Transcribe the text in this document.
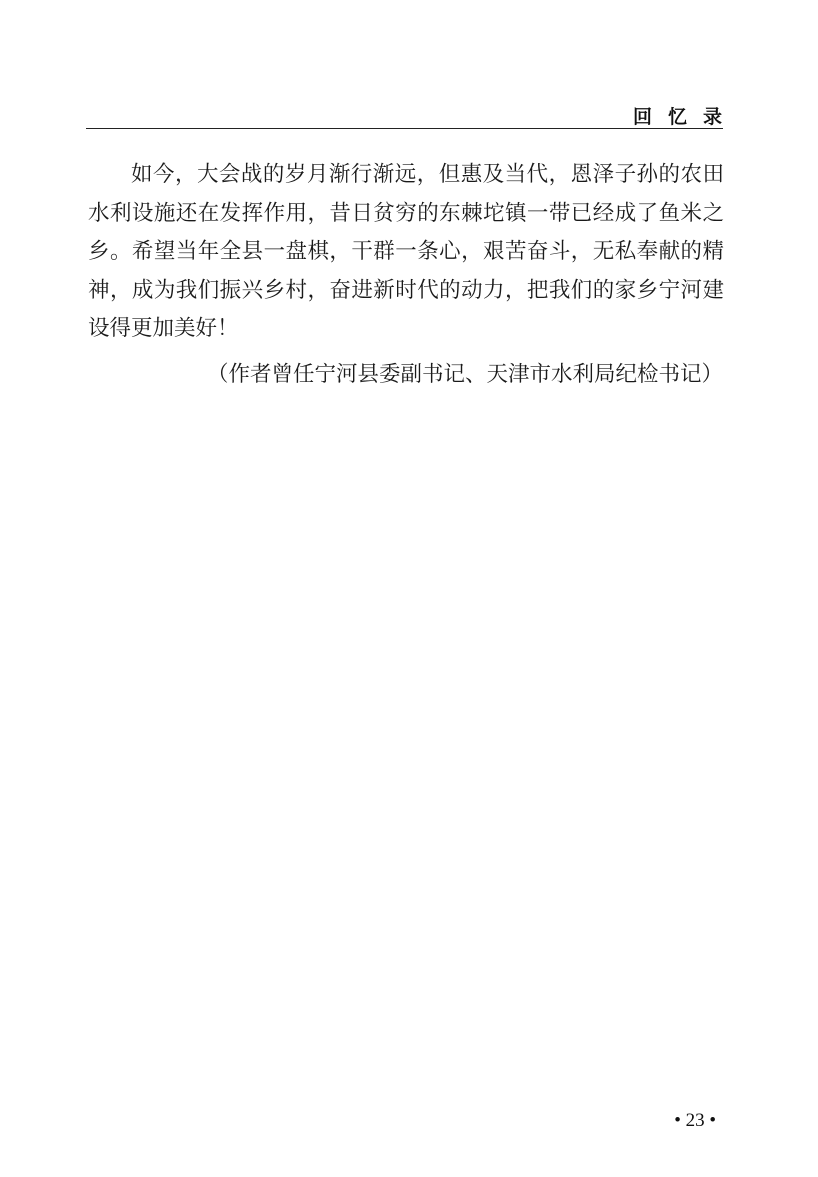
回忆录

如今，大会战的岁月渐行渐远，但惠及当代，恩泽子孙的农田水利设施还在发挥作用，昔日贫穷的东棘坨镇一带已经成了鱼米之乡。希望当年全县一盘棋，干群一条心，艰苦奋斗，无私奉献的精神，成为我们振兴乡村，奋进新时代的动力，把我们的家乡宁河建设得更加美好！

（作者曾任宁河县委副书记、天津市水利局纪检书记）
• 23 •
